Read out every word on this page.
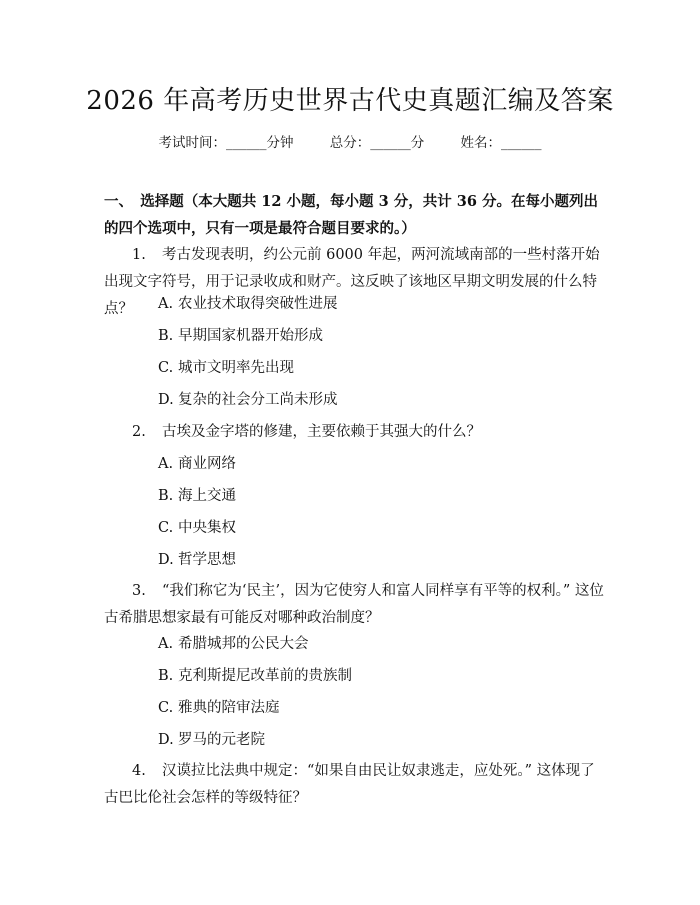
2026 年高考历史世界古代史真题汇编及答案
考试时间：______分钟	总分：______分	姓名：______
一、　选择题（本大题共 12 小题，每小题 3 分，共计 36 分。在每小题列出的四个选项中，只有一项是最符合题目要求的。）
1. 考古发现表明，约公元前 6000 年起，两河流域南部的一些村落开始出现文字符号，用于记录收成和财产。这反映了该地区早期文明发展的什么特点？	A. 农业技术取得突破性进展
B. 早期国家机器开始形成
C. 城市文明率先出现
D. 复杂的社会分工尚未形成
2. 古埃及金字塔的修建，主要依赖于其强大的什么？
A. 商业网络
B. 海上交通
C. 中央集权
D. 哲学思想
3. “我们称它为‘民主’，因为它使穷人和富人同样享有平等的权利。” 这位古希腊思想家最有可能反对哪种政治制度？
A. 希腊城邦的公民大会
B. 克利斯提尼改革前的贵族制
C. 雅典的陪审法庭
D. 罗马的元老院
4. 汉谟拉比法典中规定：“如果自由民让奴隶逃走，应处死。” 这体现了古巴比伦社会怎样的等级特征？
